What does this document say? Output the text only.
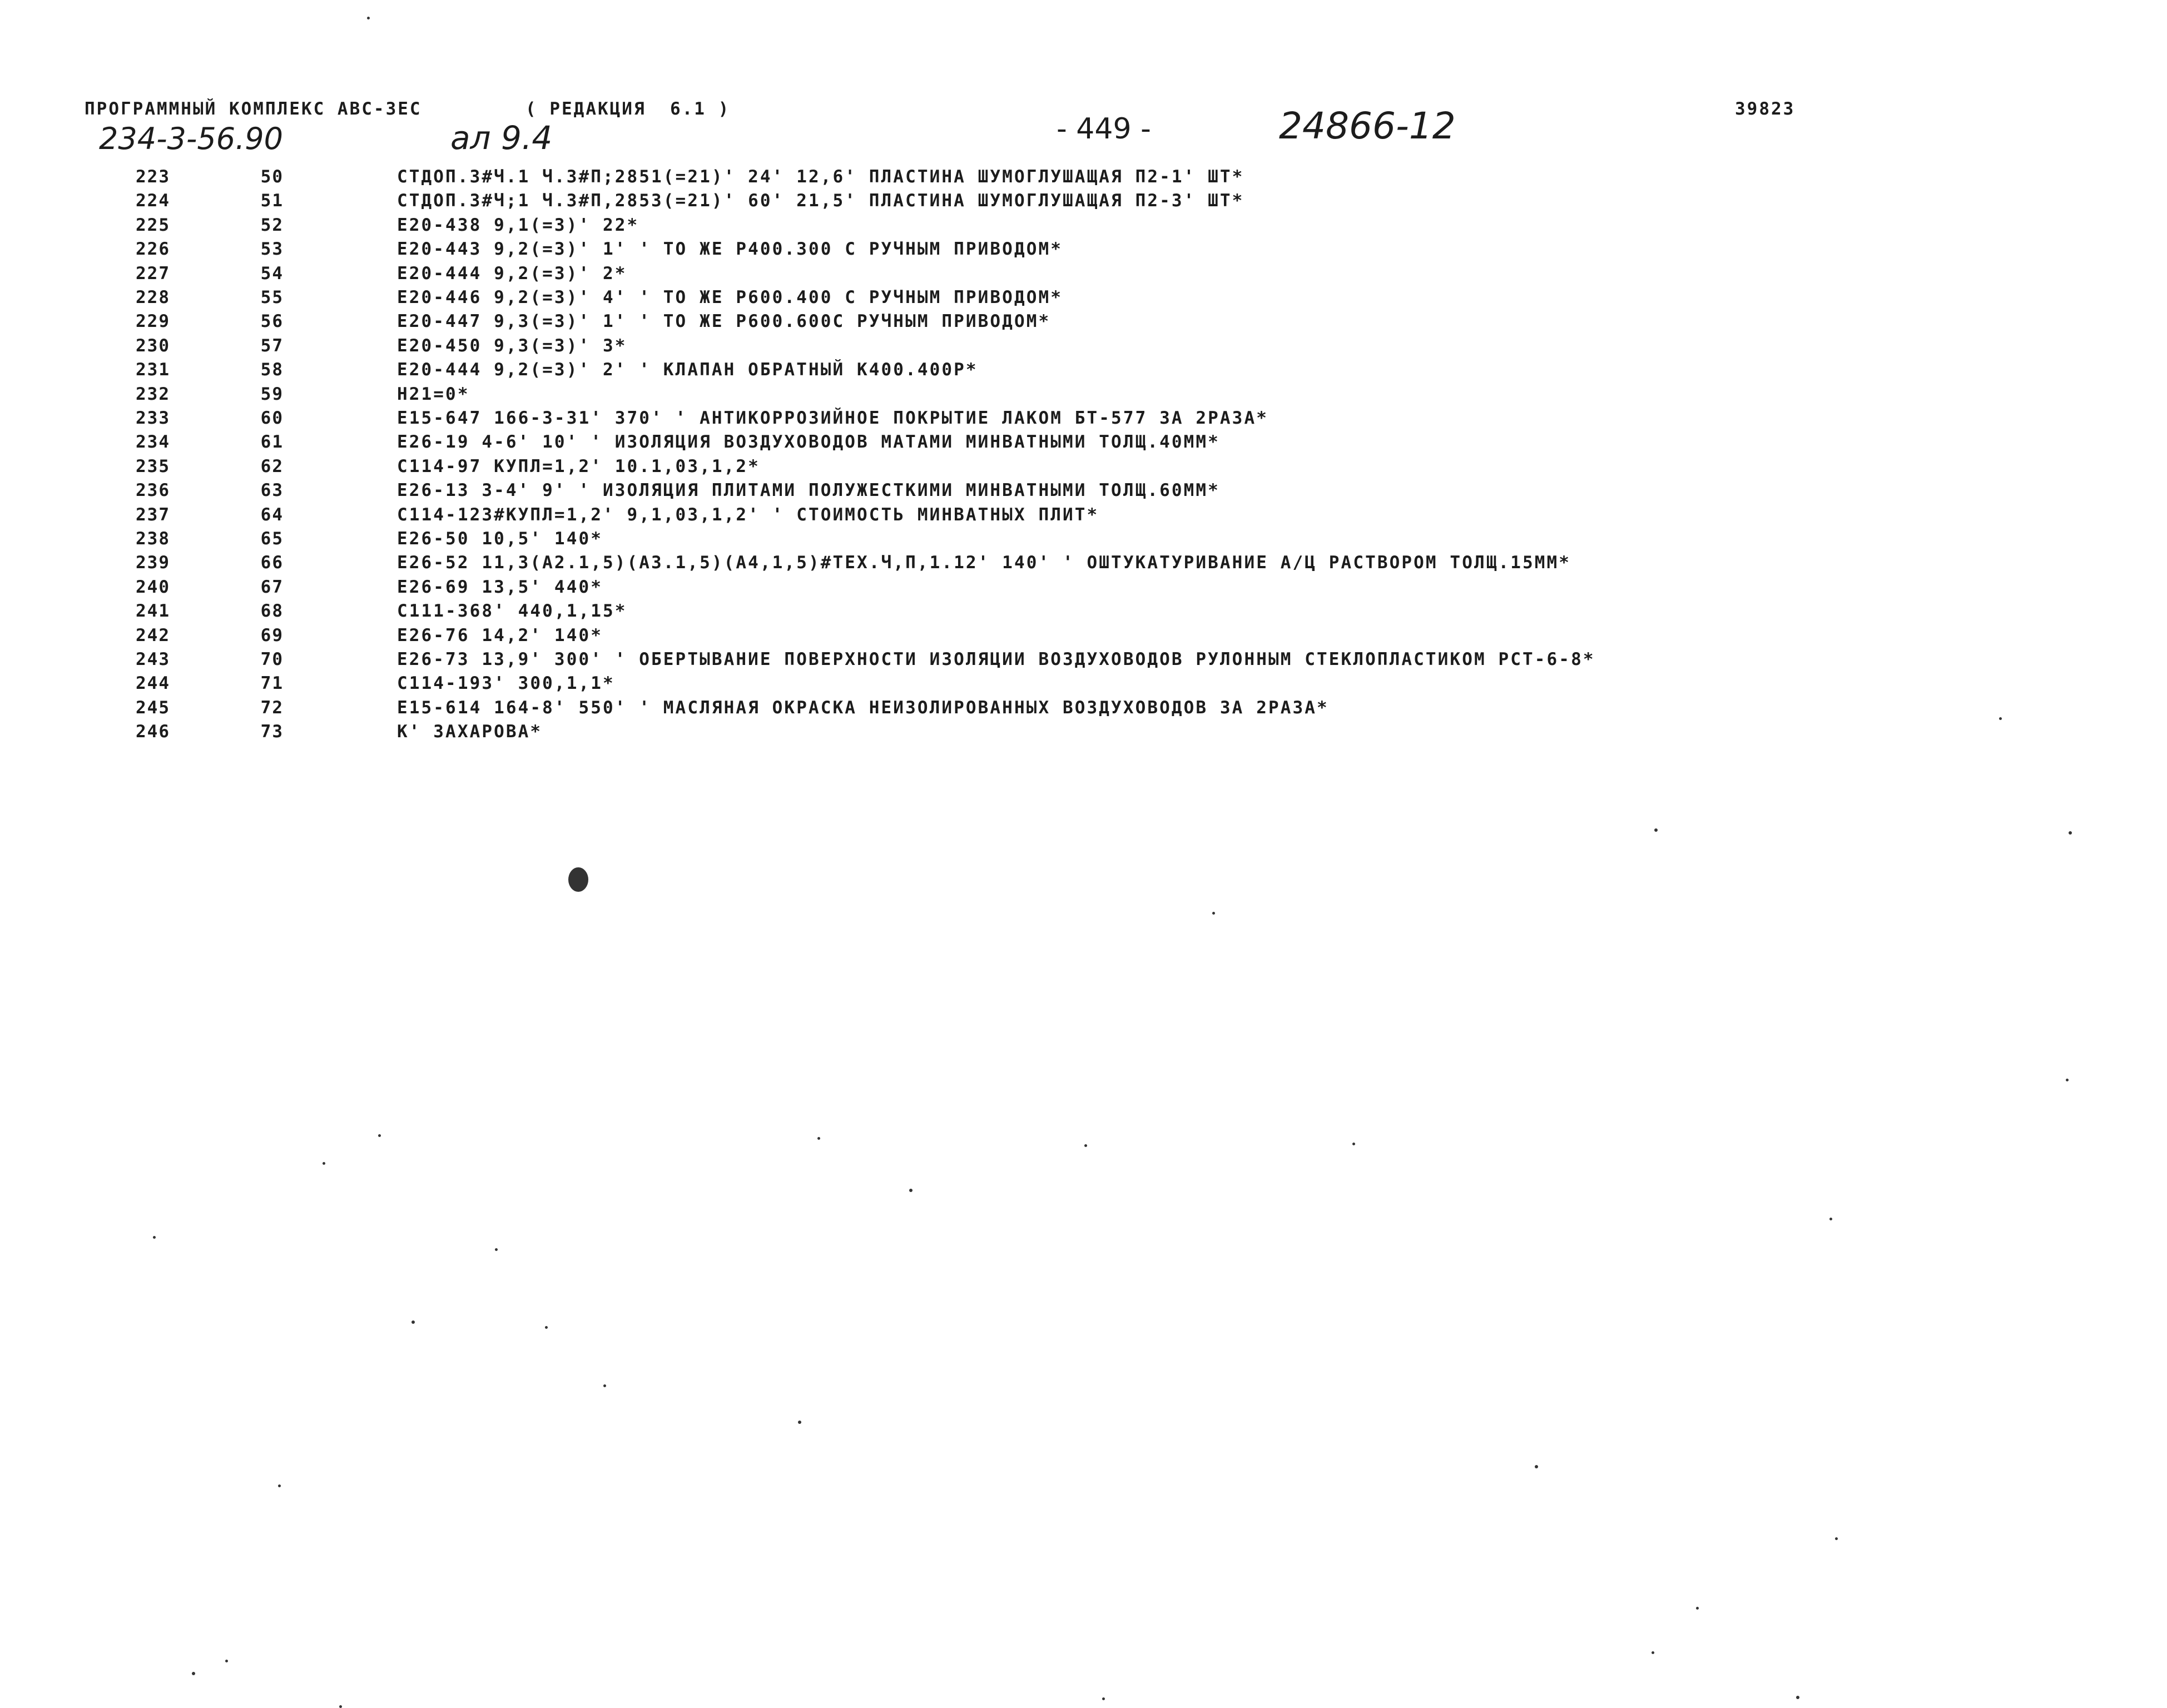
ПРОГРАММНЫЙ КОМПЛЕКС АВС-3ЕС	( РЕДАКЦИЯ  6.1 )
- 449 -	24866-12	39823
234-3-56.90	ал 9.4
223	50	СТДОП.3#Ч.1 Ч.3#П;2851(=21)' 24' 12,6' ПЛАСТИНА ШУМОГЛУШАЩАЯ П2-1' ШТ*
224	51	СТДОП.3#Ч;1 Ч.3#П,2853(=21)' 60' 21,5' ПЛАСТИНА ШУМОГЛУШАЩАЯ П2-3' ШТ*
225	52	Е20-438 9,1(=3)' 22*
226	53	Е20-443 9,2(=3)' 1' ' ТО ЖЕ Р400.300 С РУЧНЫМ ПРИВОДОМ*
227	54	Е20-444 9,2(=3)' 2*
228	55	Е20-446 9,2(=3)' 4' ' ТО ЖЕ Р600.400 С РУЧНЫМ ПРИВОДОМ*
229	56	Е20-447 9,3(=3)' 1' ' ТО ЖЕ Р600.600С РУЧНЫМ ПРИВОДОМ*
230	57	Е20-450 9,3(=3)' 3*
231	58	Е20-444 9,2(=3)' 2' ' КЛАПАН ОБРАТНЫЙ К400.400Р*
232	59	Н21=0*
233	60	Е15-647 166-3-31' 370' ' АНТИКОРРОЗИЙНОЕ ПОКРЫТИЕ ЛАКОМ БТ-577 ЗА 2РАЗА*
234	61	Е26-19 4-6' 10' ' ИЗОЛЯЦИЯ ВОЗДУХОВОДОВ МАТАМИ МИНВАТНЫМИ ТОЛЩ.40ММ*
235	62	С114-97 КУПЛ=1,2' 10.1,03,1,2*
236	63	Е26-13 3-4' 9' ' ИЗОЛЯЦИЯ ПЛИТАМИ ПОЛУЖЕСТКИМИ МИНВАТНЫМИ ТОЛЩ.60ММ*
237	64	С114-123#КУПЛ=1,2' 9,1,03,1,2' ' СТОИМОСТЬ МИНВАТНЫХ ПЛИТ*
238	65	Е26-50 10,5' 140*
239	66	Е26-52 11,3(А2.1,5)(А3.1,5)(А4,1,5)#ТЕХ.Ч,П,1.12' 140' ' ОШТУКАТУРИВАНИЕ А/Ц РАСТВОРОМ ТОЛЩ.15ММ*
240	67	Е26-69 13,5' 440*
241	68	С111-368' 440,1,15*
242	69	Е26-76 14,2' 140*
243	70	Е26-73 13,9' 300' ' ОБЕРТЫВАНИЕ ПОВЕРХНОСТИ ИЗОЛЯЦИИ ВОЗДУХОВОДОВ РУЛОННЫМ СТЕКЛОПЛАСТИКОМ РСТ-6-8*
244	71	С114-193' 300,1,1*
245	72	Е15-614 164-8' 550' ' МАСЛЯНАЯ ОКРАСКА НЕИЗОЛИРОВАННЫХ ВОЗДУХОВОДОВ ЗА 2РАЗА*
246	73	К' ЗАХАРОВА*
